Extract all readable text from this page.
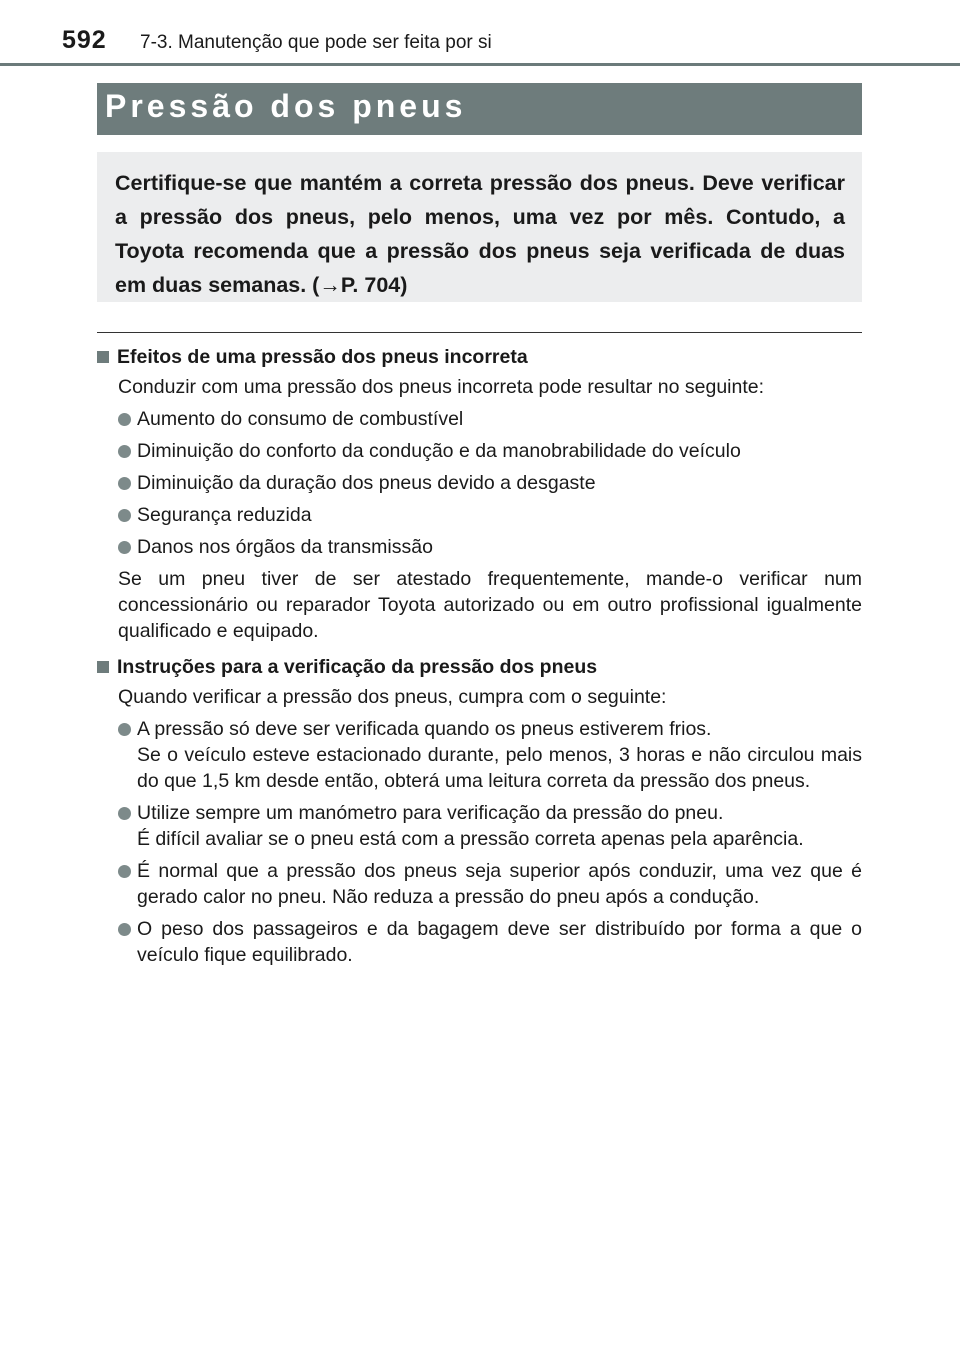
592 7-3. Manutenção que pode ser feita por si
Pressão dos pneus
Certifique-se que mantém a correta pressão dos pneus. Deve verificar a pressão dos pneus, pelo menos, uma vez por mês. Contudo, a Toyota recomenda que a pressão dos pneus seja verificada de duas em duas semanas. (→P. 704)
Efeitos de uma pressão dos pneus incorreta
Conduzir com uma pressão dos pneus incorreta pode resultar no seguinte:
Aumento do consumo de combustível
Diminuição do conforto da condução e da manobrabilidade do veículo
Diminuição da duração dos pneus devido a desgaste
Segurança reduzida
Danos nos órgãos da transmissão
Se um pneu tiver de ser atestado frequentemente, mande-o verificar num concessionário ou reparador Toyota autorizado ou em outro profissional igualmente qualificado e equipado.
Instruções para a verificação da pressão dos pneus
Quando verificar a pressão dos pneus, cumpra com o seguinte:
A pressão só deve ser verificada quando os pneus estiverem frios.
Se o veículo esteve estacionado durante, pelo menos, 3 horas e não circulou mais do que 1,5 km desde então, obterá uma leitura correta da pressão dos pneus.
Utilize sempre um manómetro para verificação da pressão do pneu.
É difícil avaliar se o pneu está com a pressão correta apenas pela aparência.
É normal que a pressão dos pneus seja superior após conduzir, uma vez que é gerado calor no pneu. Não reduza a pressão do pneu após a condução.
O peso dos passageiros e da bagagem deve ser distribuído por forma a que o veículo fique equilibrado.
